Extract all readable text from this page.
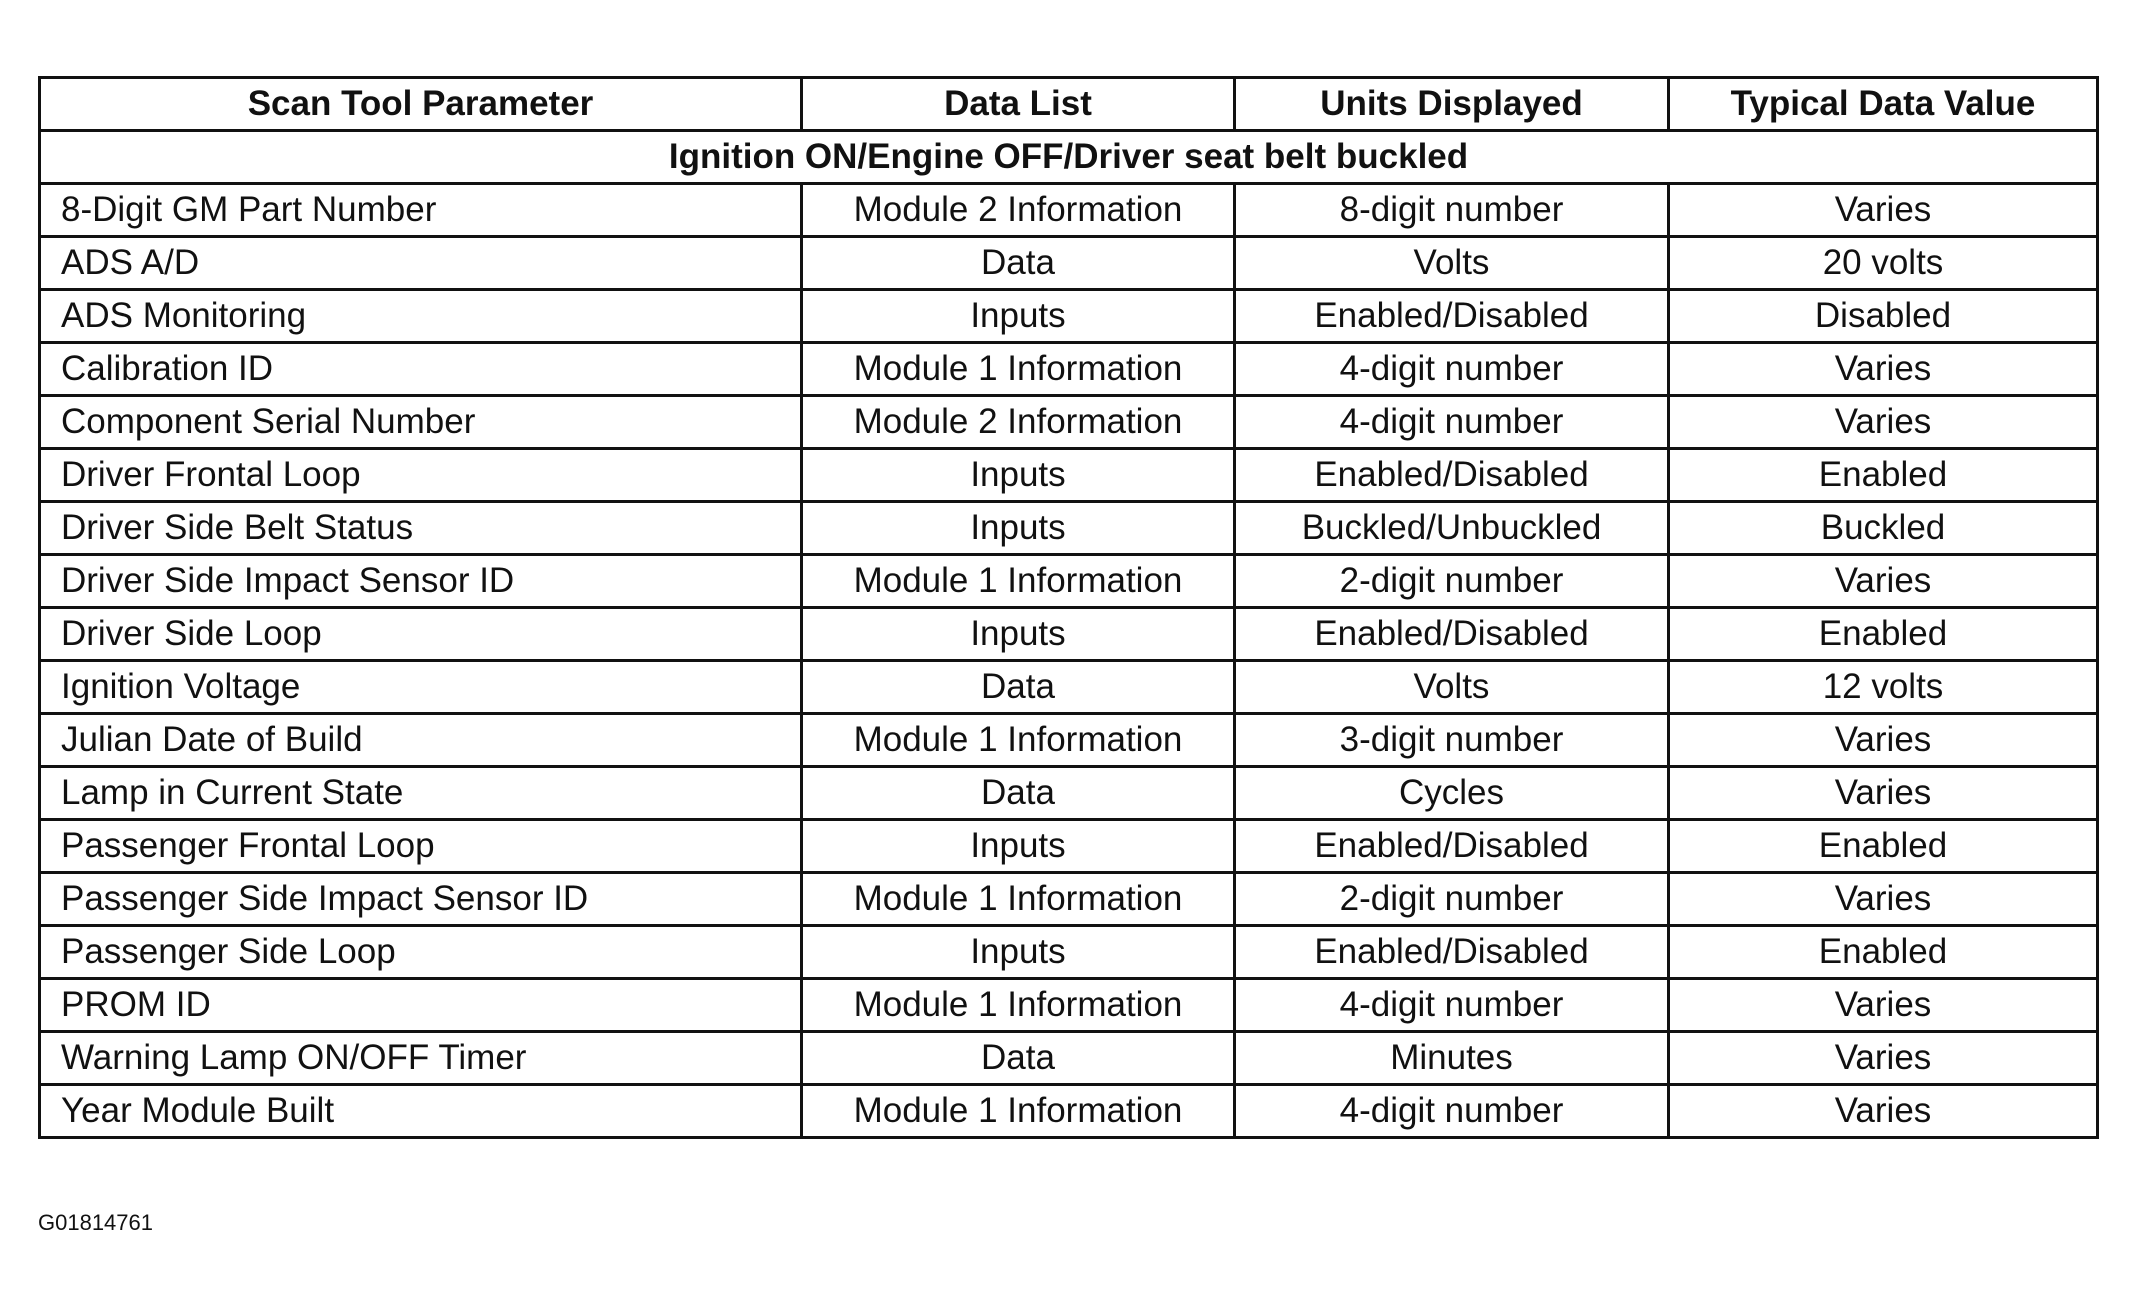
Scan Tool Parameter	Data List	Units Displayed	Typical Data Value
Ignition ON/Engine OFF/Driver seat belt buckled			
8-Digit GM Part Number	Module 2 Information	8-digit number	Varies
ADS A/D	Data	Volts	20 volts
ADS Monitoring	Inputs	Enabled/Disabled	Disabled
Calibration ID	Module 1 Information	4-digit number	Varies
Component Serial Number	Module 2 Information	4-digit number	Varies
Driver Frontal Loop	Inputs	Enabled/Disabled	Enabled
Driver Side Belt Status	Inputs	Buckled/Unbuckled	Buckled
Driver Side Impact Sensor ID	Module 1 Information	2-digit number	Varies
Driver Side Loop	Inputs	Enabled/Disabled	Enabled
Ignition Voltage	Data	Volts	12 volts
Julian Date of Build	Module 1 Information	3-digit number	Varies
Lamp in Current State	Data	Cycles	Varies
Passenger Frontal Loop	Inputs	Enabled/Disabled	Enabled
Passenger Side Impact Sensor ID	Module 1 Information	2-digit number	Varies
Passenger Side Loop	Inputs	Enabled/Disabled	Enabled
PROM ID	Module 1 Information	4-digit number	Varies
Warning Lamp ON/OFF Timer	Data	Minutes	Varies
Year Module Built	Module 1 Information	4-digit number	Varies
G01814761
